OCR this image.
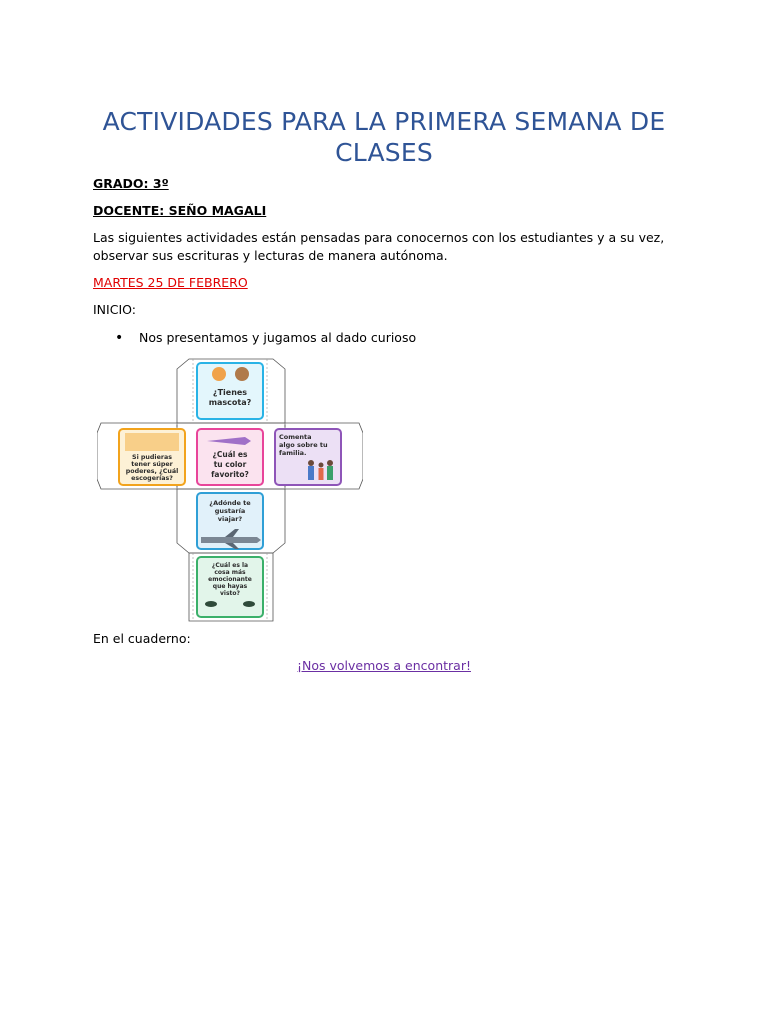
ACTIVIDADES PARA LA PRIMERA SEMANA DE CLASES
GRADO: 3º
DOCENTE: SEÑO MAGALI
Las siguientes actividades están pensadas para conocernos con los estudiantes y a su vez, observar sus escrituras y lecturas de manera autónoma.
MARTES 25 DE FEBRERO
INICIO:
• Nos presentamos y jugamos al dado curioso
¿Tienes
mascota?
Si pudieras
tener súper
poderes, ¿Cuál
escogerías?
¿Cuál es
tu color
favorito?
Comenta
algo sobre tu
familia.
¿Adónde te
gustaría
viajar?
¿Cuál es la
cosa más
emocionante
que hayas
visto?
En el cuaderno:
¡Nos volvemos a encontrar!
